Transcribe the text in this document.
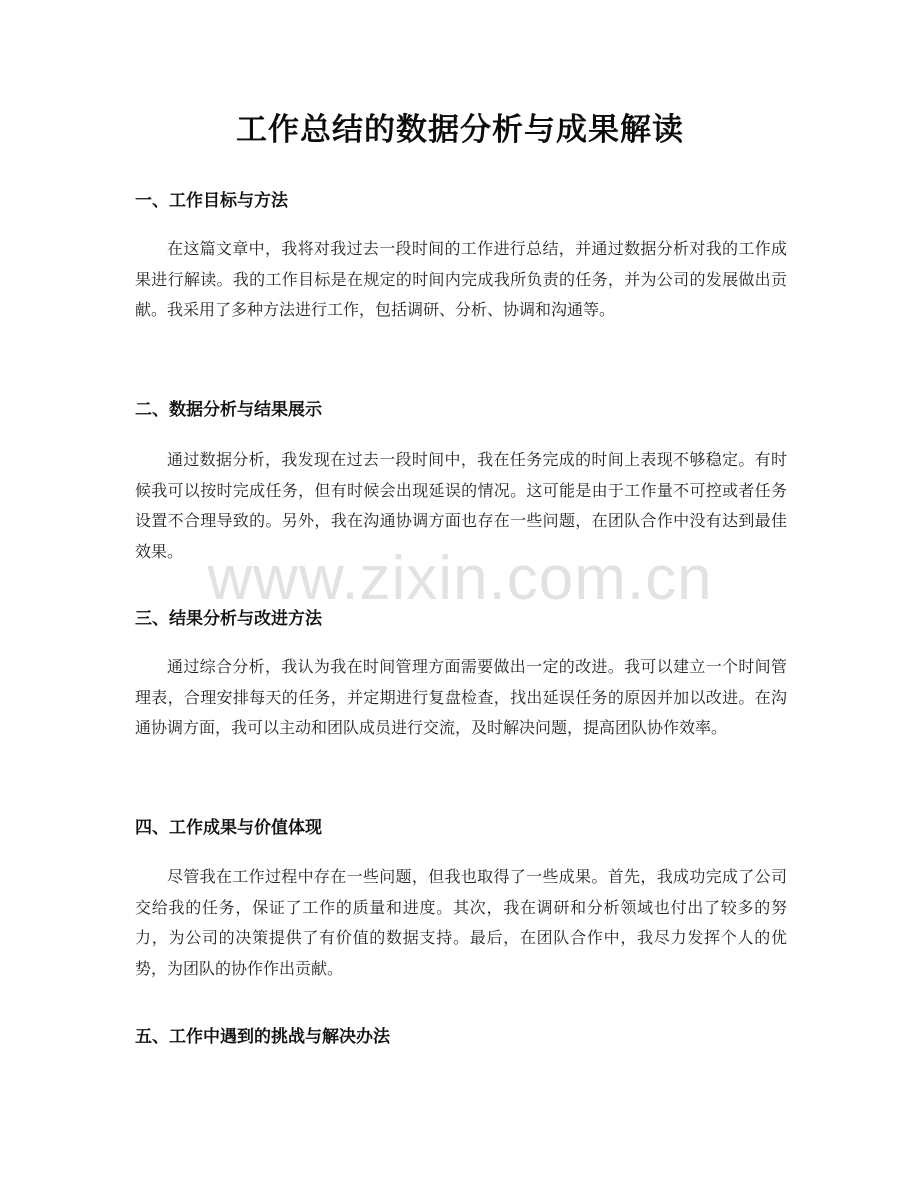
工作总结的数据分析与成果解读
一、工作目标与方法

在这篇文章中，我将对我过去一段时间的工作进行总结，并通过数据分析对我的工作成果进行解读。我的工作目标是在规定的时间内完成我所负责的任务，并为公司的发展做出贡献。我采用了多种方法进行工作，包括调研、分析、协调和沟通等。

二、数据分析与结果展示

通过数据分析，我发现在过去一段时间中，我在任务完成的时间上表现不够稳定。有时候我可以按时完成任务，但有时候会出现延误的情况。这可能是由于工作量不可控或者任务设置不合理导致的。另外，我在沟通协调方面也存在一些问题，在团队合作中没有达到最佳效果。

三、结果分析与改进方法

通过综合分析，我认为我在时间管理方面需要做出一定的改进。我可以建立一个时间管理表，合理安排每天的任务，并定期进行复盘检查，找出延误任务的原因并加以改进。在沟通协调方面，我可以主动和团队成员进行交流，及时解决问题，提高团队协作效率。

四、工作成果与价值体现

尽管我在工作过程中存在一些问题，但我也取得了一些成果。首先，我成功完成了公司交给我的任务，保证了工作的质量和进度。其次，我在调研和分析领域也付出了较多的努力，为公司的决策提供了有价值的数据支持。最后，在团队合作中，我尽力发挥个人的优势，为团队的协作作出贡献。

五、工作中遇到的挑战与解决办法
www.zixin.com.cn
